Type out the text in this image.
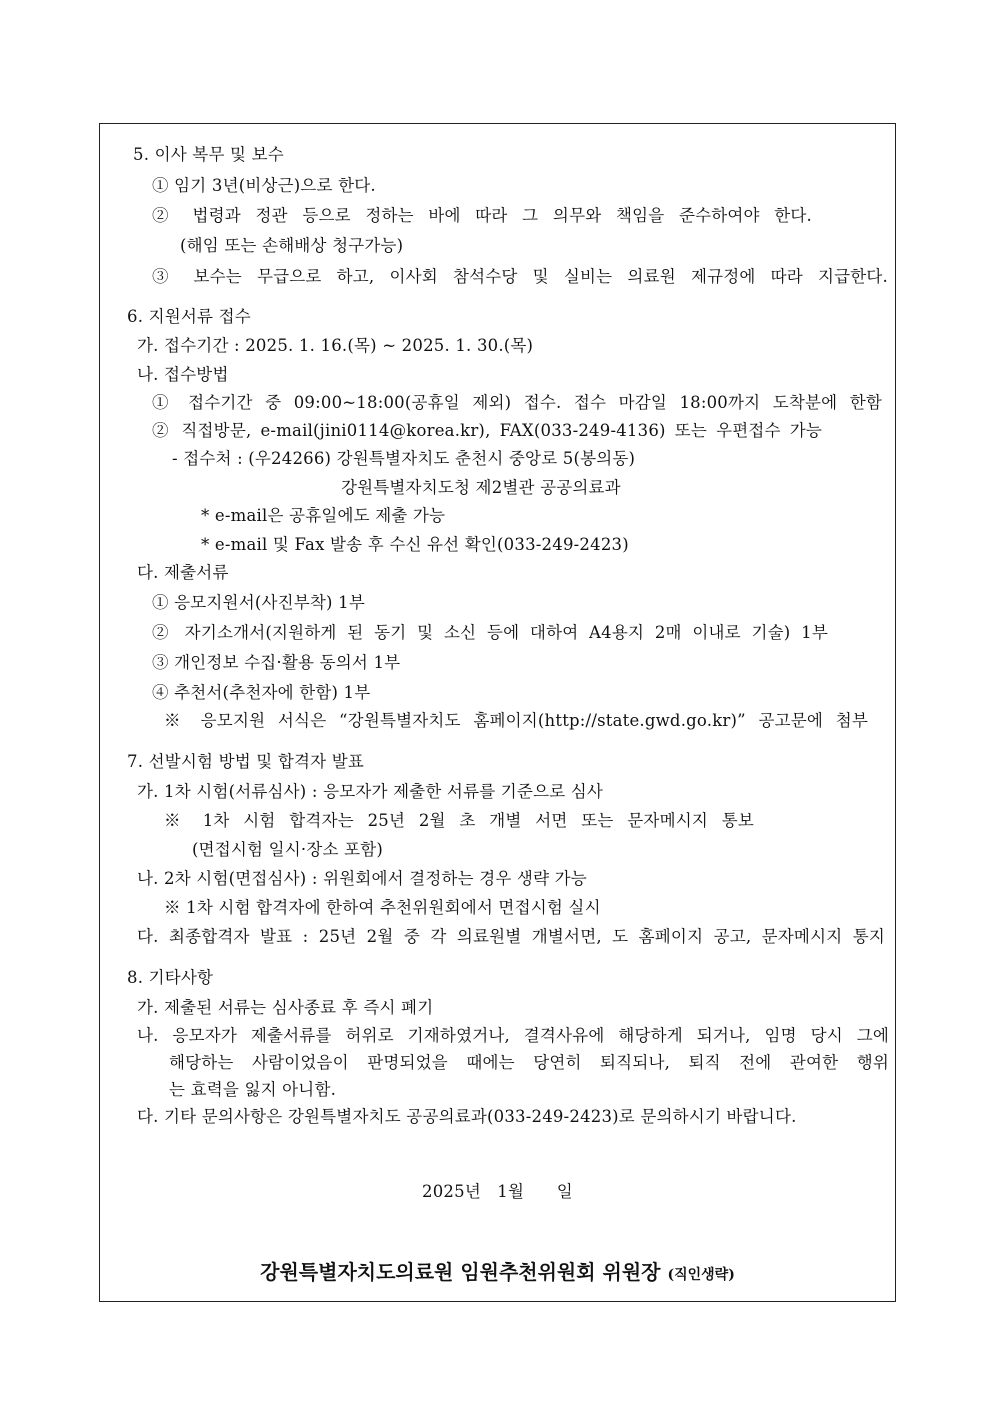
5. 이사 복무 및 보수
① 임기 3년(비상근)으로 한다.
② 법령과 정관 등으로 정하는 바에 따라 그 의무와 책임을 준수하여야 한다.
(해임 또는 손해배상 청구가능)
③ 보수는 무급으로 하고, 이사회 참석수당 및 실비는 의료원 제규정에 따라 지급한다.
6. 지원서류 접수
가. 접수기간 : 2025. 1. 16.(목) ~ 2025. 1. 30.(목)
나. 접수방법
① 접수기간 중 09:00~18:00(공휴일 제외) 접수. 접수 마감일 18:00까지 도착분에 한함
② 직접방문, e-mail(jini0114@korea.kr), FAX(033-249-4136) 또는 우편접수 가능
- 접수처 : (우24266) 강원특별자치도 춘천시 중앙로 5(봉의동)
강원특별자치도청 제2별관 공공의료과
* e-mail은 공휴일에도 제출 가능
* e-mail 및 Fax 발송 후 수신 유선 확인(033-249-2423)
다. 제출서류
① 응모지원서(사진부착) 1부
② 자기소개서(지원하게 된 동기 및 소신 등에 대하여 A4용지 2매 이내로 기술) 1부
③ 개인정보 수집·활용 동의서 1부
④ 추천서(추천자에 한함) 1부
※ 응모지원 서식은 “강원특별자치도 홈페이지(http://state.gwd.go.kr)” 공고문에 첨부
7. 선발시험 방법 및 합격자 발표
가. 1차 시험(서류심사) : 응모자가 제출한 서류를 기준으로 심사
※ 1차 시험 합격자는 25년 2월 초 개별 서면 또는 문자메시지 통보
(면접시험 일시·장소 포함)
나. 2차 시험(면접심사) : 위원회에서 결정하는 경우 생략 가능
※ 1차 시험 합격자에 한하여 추천위원회에서 면접시험 실시
다. 최종합격자 발표 : 25년 2월 중 각 의료원별 개별서면, 도 홈페이지 공고, 문자메시지 통지
8. 기타사항
가. 제출된 서류는 심사종료 후 즉시 폐기
나. 응모자가 제출서류를 허위로 기재하였거나, 결격사유에 해당하게 되거나, 임명 당시 그에
해당하는 사람이었음이 판명되었을 때에는 당연히 퇴직되나, 퇴직 전에 관여한 행위
는 효력을 잃지 아니함.
다. 기타 문의사항은 강원특별자치도 공공의료과(033-249-2423)로 문의하시기 바랍니다.
2025년   1월      일
강원특별자치도의료원 임원추천위원회 위원장 (직인생략)
